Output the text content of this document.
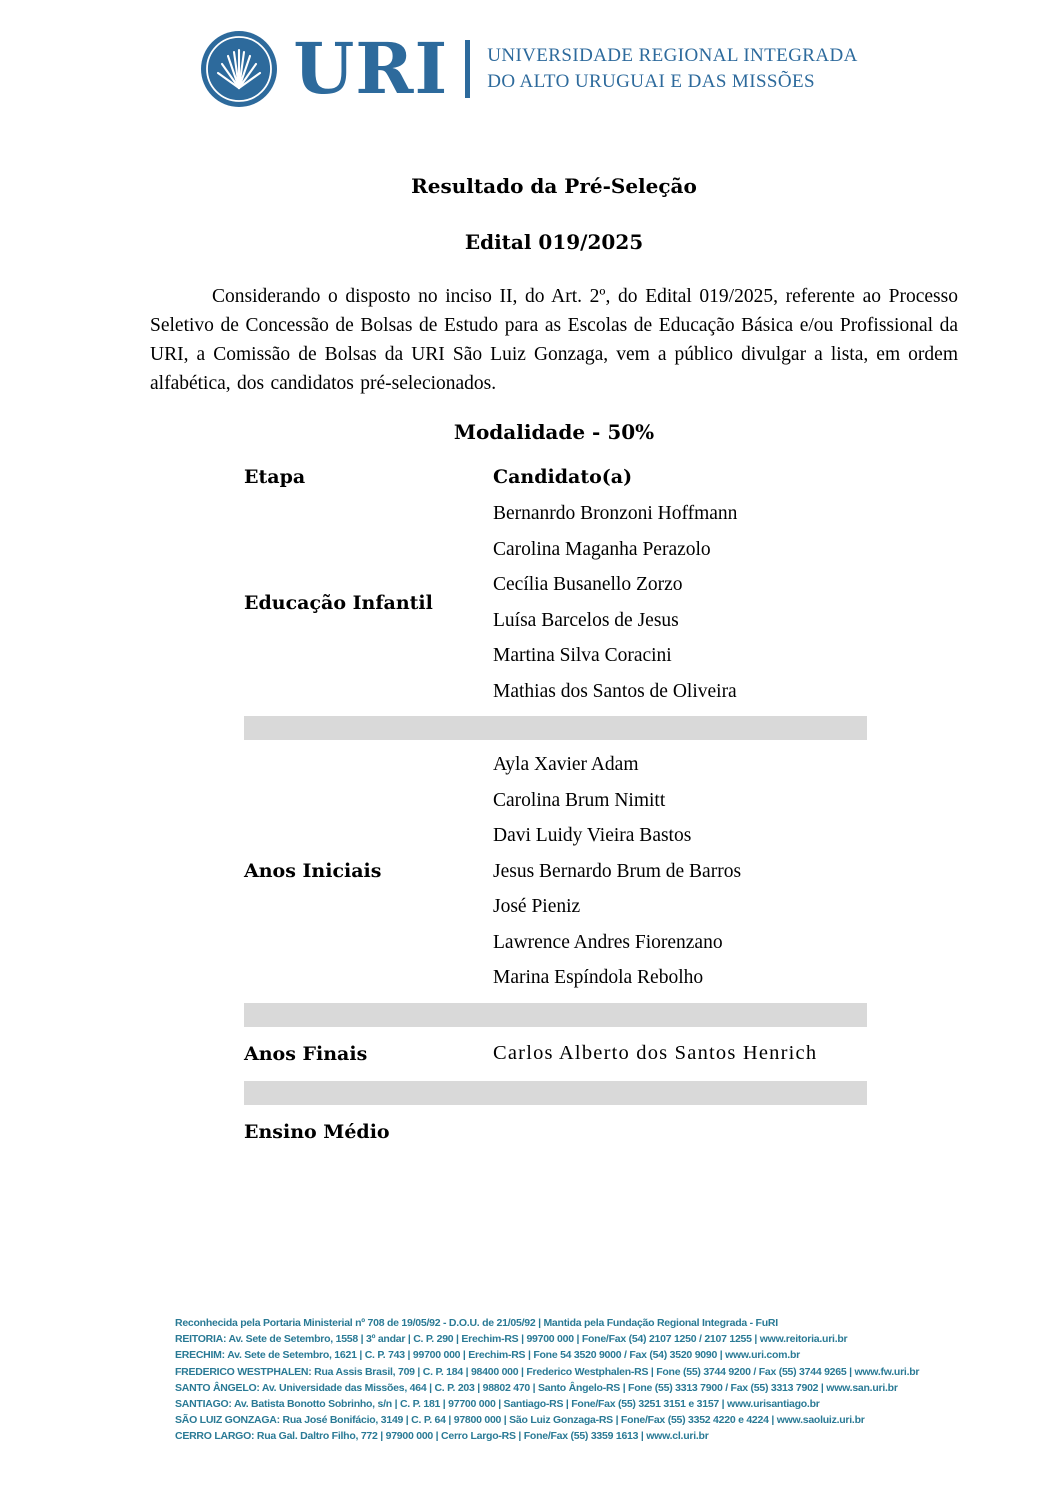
URI UNIVERSIDADE REGIONAL INTEGRADA
DO ALTO URUGUAI E DAS MISSÕES
Resultado da Pré-Seleção
Edital 019/2025

Considerando o disposto no inciso II, do Art. 2º, do Edital 019/2025, referente ao Processo Seletivo de Concessão de Bolsas de Estudo para as Escolas de Educação Básica e/ou Profissional da URI, a Comissão de Bolsas da URI São Luiz Gonzaga, vem a público divulgar a lista, em ordem alfabética, dos candidatos pré-selecionados.

Modalidade - 50%
Etapa	Candidato(a)
Educação Infantil
Bernanrdo Bronzoni Hoffmann
Carolina Maganha Perazolo
Cecília Busanello Zorzo
Luísa Barcelos de Jesus
Martina Silva Coracini
Mathias dos Santos de Oliveira
Anos Iniciais
Ayla Xavier Adam
Carolina Brum Nimitt
Davi Luidy Vieira Bastos
Jesus Bernardo Brum de Barros
José Pieniz
Lawrence Andres Fiorenzano
Marina Espíndola Rebolho
Anos Finais	Carlos Alberto dos Santos Henrich
Ensino Médio
Reconhecida pela Portaria Ministerial nº 708 de 19/05/92 - D.O.U. de 21/05/92 | Mantida pela Fundação Regional Integrada - FuRI
REITORIA: Av. Sete de Setembro, 1558 | 3º andar | C. P. 290 | Erechim-RS | 99700 000 | Fone/Fax (54) 2107 1250 / 2107 1255 | www.reitoria.uri.br
ERECHIM: Av. Sete de Setembro, 1621 | C. P. 743 | 99700 000 | Erechim-RS | Fone 54 3520 9000 / Fax (54) 3520 9090 | www.uri.com.br
FREDERICO WESTPHALEN: Rua Assis Brasil, 709 | C. P. 184 | 98400 000 | Frederico Westphalen-RS | Fone (55) 3744 9200 / Fax (55) 3744 9265 | www.fw.uri.br
SANTO ÂNGELO: Av. Universidade das Missões, 464 | C. P. 203 | 98802 470 | Santo Ângelo-RS | Fone (55) 3313 7900 / Fax (55) 3313 7902 | www.san.uri.br
SANTIAGO: Av. Batista Bonotto Sobrinho, s/n | C. P. 181 | 97700 000 | Santiago-RS | Fone/Fax (55) 3251 3151 e 3157 | www.urisantiago.br
SÃO LUIZ GONZAGA: Rua José Bonifácio, 3149 | C. P. 64 | 97800 000 | São Luiz Gonzaga-RS | Fone/Fax (55) 3352 4220 e 4224 | www.saoluiz.uri.br
CERRO LARGO: Rua Gal. Daltro Filho, 772 | 97900 000 | Cerro Largo-RS | Fone/Fax (55) 3359 1613 | www.cl.uri.br
